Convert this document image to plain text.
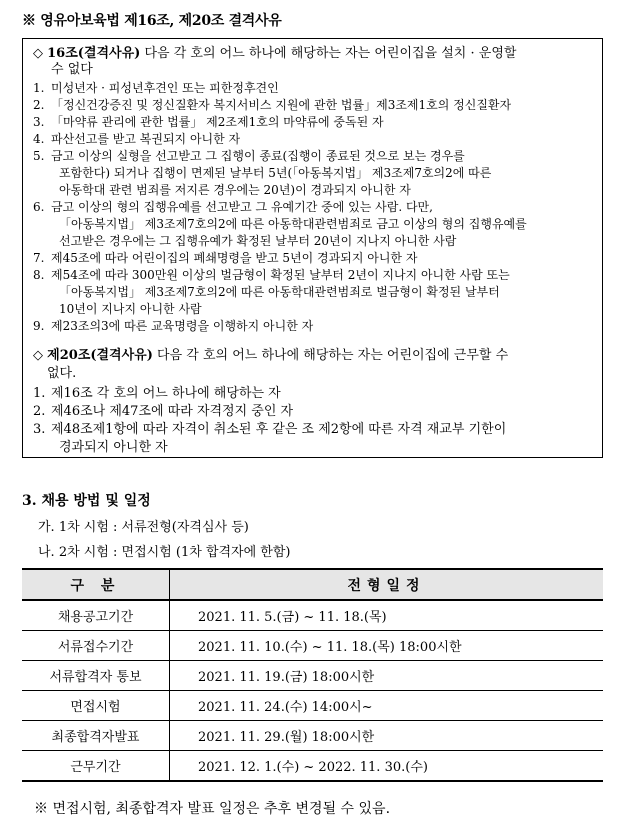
※ 영유아보육법 제16조, 제20조 결격사유
◇ 16조(결격사유) 다음 각 호의 어느 하나에 해당하는 자는 어린이집을 설치 · 운영할
수 없다
1. 미성년자 · 피성년후견인 또는 피한정후견인
2. 「정신건강증진 및 정신질환자 복지서비스 지원에 관한 법률」제3조제1호의 정신질환자
3. 「마약류 관리에 관한 법률」 제2조제1호의 마약류에 중독된 자
4. 파산선고를 받고 복권되지 아니한 자
5. 금고 이상의 실형을 선고받고 그 집행이 종료(집행이 종료된 것으로 보는 경우를
포함한다) 되거나 집행이 면제된 날부터 5년(「아동복지법」 제3조제7호의2에 따른
아동학대 관련 범죄를 저지른 경우에는 20년)이 경과되지 아니한 자
6. 금고 이상의 형의 집행유예를 선고받고 그 유예기간 중에 있는 사람. 다만,
「아동복지법」 제3조제7호의2에 따른 아동학대관련범죄로 금고 이상의 형의 집행유예를
선고받은 경우에는 그 집행유예가 확정된 날부터 20년이 지나지 아니한 사람
7. 제45조에 따라 어린이집의 폐쇄명령을 받고 5년이 경과되지 아니한 자
8. 제54조에 따라 300만원 이상의 벌금형이 확정된 날부터 2년이 지나지 아니한 사람 또는
「아동복지법」 제3조제7호의2에 따른 아동학대관련범죄로 벌금형이 확정된 날부터
10년이 지나지 아니한 사람
9. 제23조의3에 따른 교육명령을 이행하지 아니한 자
◇ 제20조(결격사유) 다음 각 호의 어느 하나에 해당하는 자는 어린이집에 근무할 수
없다.
1. 제16조 각 호의 어느 하나에 해당하는 자
2. 제46조나 제47조에 따라 자격정지 중인 자
3. 제48조제1항에 따라 자격이 취소된 후 같은 조 제2항에 따른 자격 재교부 기한이
경과되지 아니한 자
3. 채용 방법 및 일정
가. 1차 시험 : 서류전형(자격심사 등)
나. 2차 시험 : 면접시험 (1차 합격자에 한함)
구 분	전형일정
채용공고기간	2021. 11. 5.(금) ~ 11. 18.(목)
서류접수기간	2021. 11. 10.(수) ~ 11. 18.(목) 18:00시한
서류합격자 통보	2021. 11. 19.(금) 18:00시한
면접시험	2021. 11. 24.(수) 14:00시~
최종합격자발표	2021. 11. 29.(월) 18:00시한
근무기간	2021. 12. 1.(수) ~ 2022. 11. 30.(수)
※ 면접시험, 최종합격자 발표 일정은 추후 변경될 수 있음.
